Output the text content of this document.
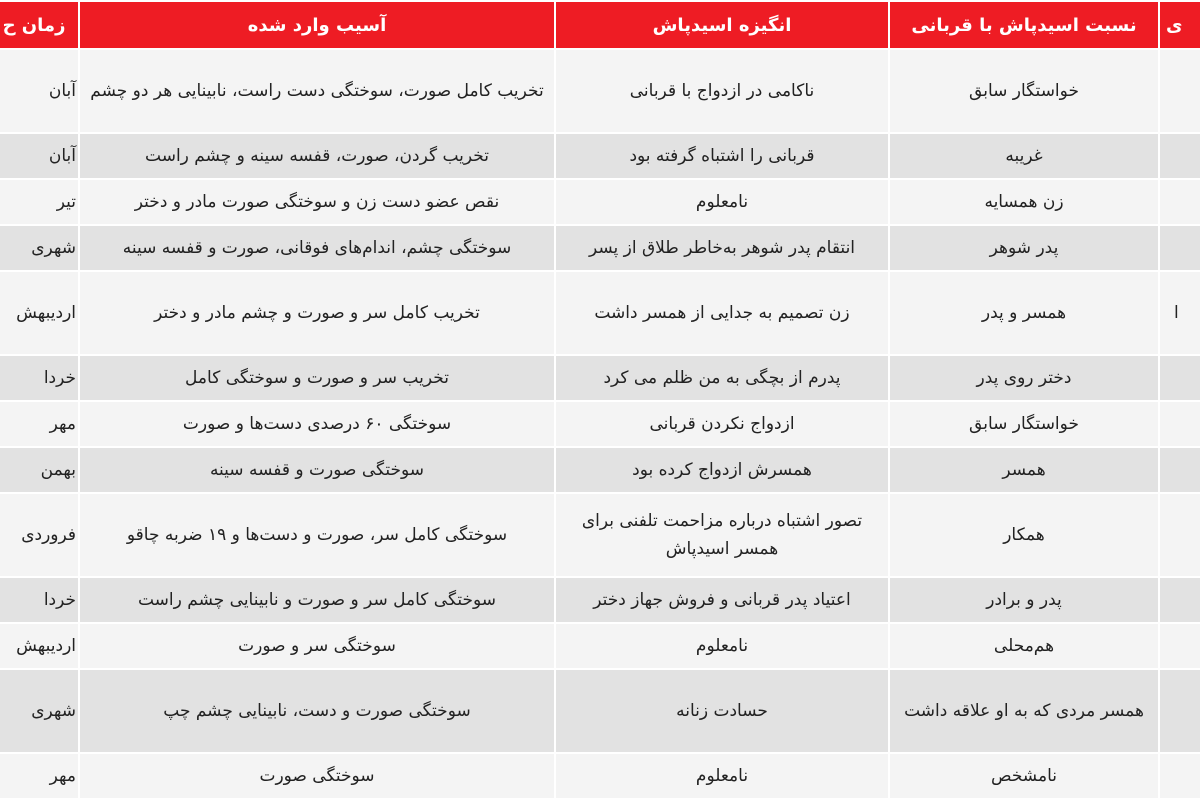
زمان ح	آسیب وارد شده	انگیزه اسیدپاش	نسبت اسیدپاش با قربانی	ی
آبان	تخریب کامل صورت، سوختگی دست راست، نابینایی هر دو چشم	ناکامی در ازدواج با قربانی	خواستگار سابق	
آبان	تخریب گردن، صورت، قفسه سینه و چشم راست	قربانی را اشتباه گرفته بود	غریبه	
تیر	نقص عضو دست زن و سوختگی صورت مادر و دختر	نامعلوم	زن همسایه	
شهری	سوختگی چشم، اندام‌های فوقانی، صورت و قفسه سینه	انتقام پدر شوهر به‌خاطر طلاق از پسر	پدر شوهر	
اردیبهش	تخریب کامل سر و صورت و چشم مادر و دختر	زن تصمیم به جدایی از همسر داشت	همسر و پدر	ا
خردا	تخریب سر و صورت و سوختگی کامل	پدرم از بچگی به من ظلم می کرد	دختر روی پدر	
مهر	سوختگی ۶۰ درصدی دست‌ها و صورت	ازدواج نکردن قربانی	خواستگار سابق	
بهمن	سوختگی صورت و قفسه سینه	همسرش ازدواج کرده بود	همسر	
فروردی	سوختگی کامل سر، صورت و دست‌ها و ۱۹ ضربه چاقو	تصور اشتباه درباره مزاحمت تلفنی برای همسر اسیدپاش	همکار	
خردا	سوختگی کامل سر و صورت و نابینایی چشم راست	اعتیاد پدر قربانی و فروش جهاز دختر	پدر و برادر	
اردیبهش	سوختگی سر و صورت	نامعلوم	هم‌محلی	
شهری	سوختگی صورت و دست، نابینایی چشم چپ	حسادت زنانه	همسر مردی که به او علاقه داشت	
مهر	سوختگی صورت	نامعلوم	نامشخص	
